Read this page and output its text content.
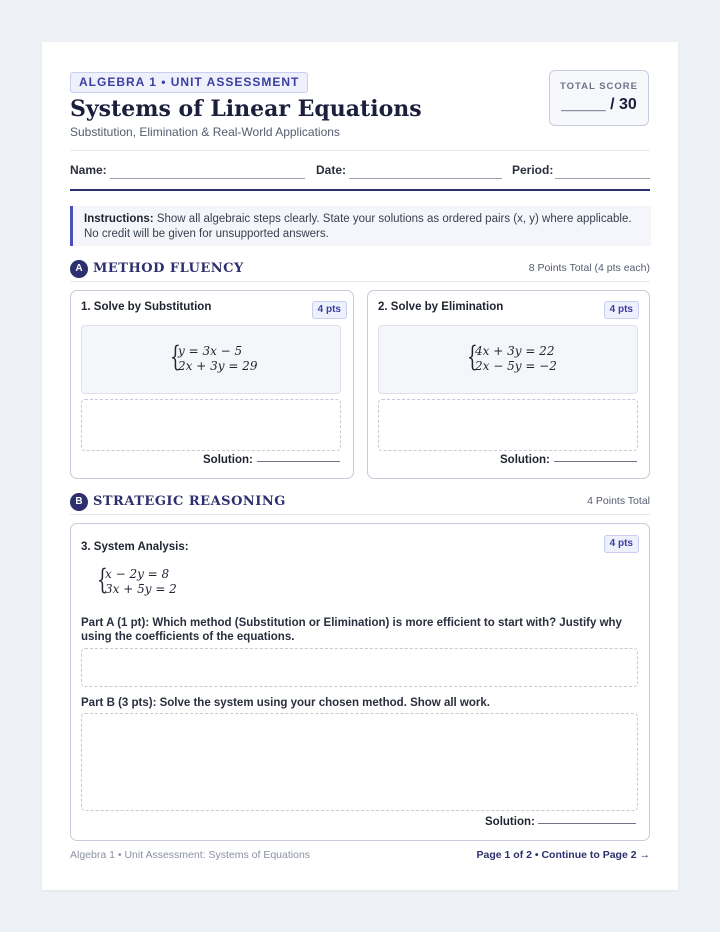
ALGEBRA 1 • UNIT ASSESSMENT
Systems of Linear Equations
Substitution, Elimination & Real-World Applications
TOTAL SCORE
_____ / 30
Name:	Date:	Period:
Instructions: Show all algebraic steps clearly. State your solutions as ordered pairs (x, y) where applicable.
No credit will be given for unsupported answers.
A METHOD FLUENCY	8 Points Total (4 pts each)
1. Solve by Substitution	4 pts
{
y = 3x − 5
2x + 3y = 29
Solution:
2. Solve by Elimination	4 pts
{
4x + 3y = 22
2x − 5y = −2
Solution:
B STRATEGIC REASONING	4 Points Total
3. System Analysis:	4 pts
{
x − 2y = 8
3x + 5y = 2
Part A (1 pt): Which method (Substitution or Elimination) is more efficient to start with? Justify why using the coefficients of the equations.
Part B (3 pts): Solve the system using your chosen method. Show all work.
Solution:
Algebra 1 • Unit Assessment: Systems of Equations	Page 1 of 2 • Continue to Page 2 →
